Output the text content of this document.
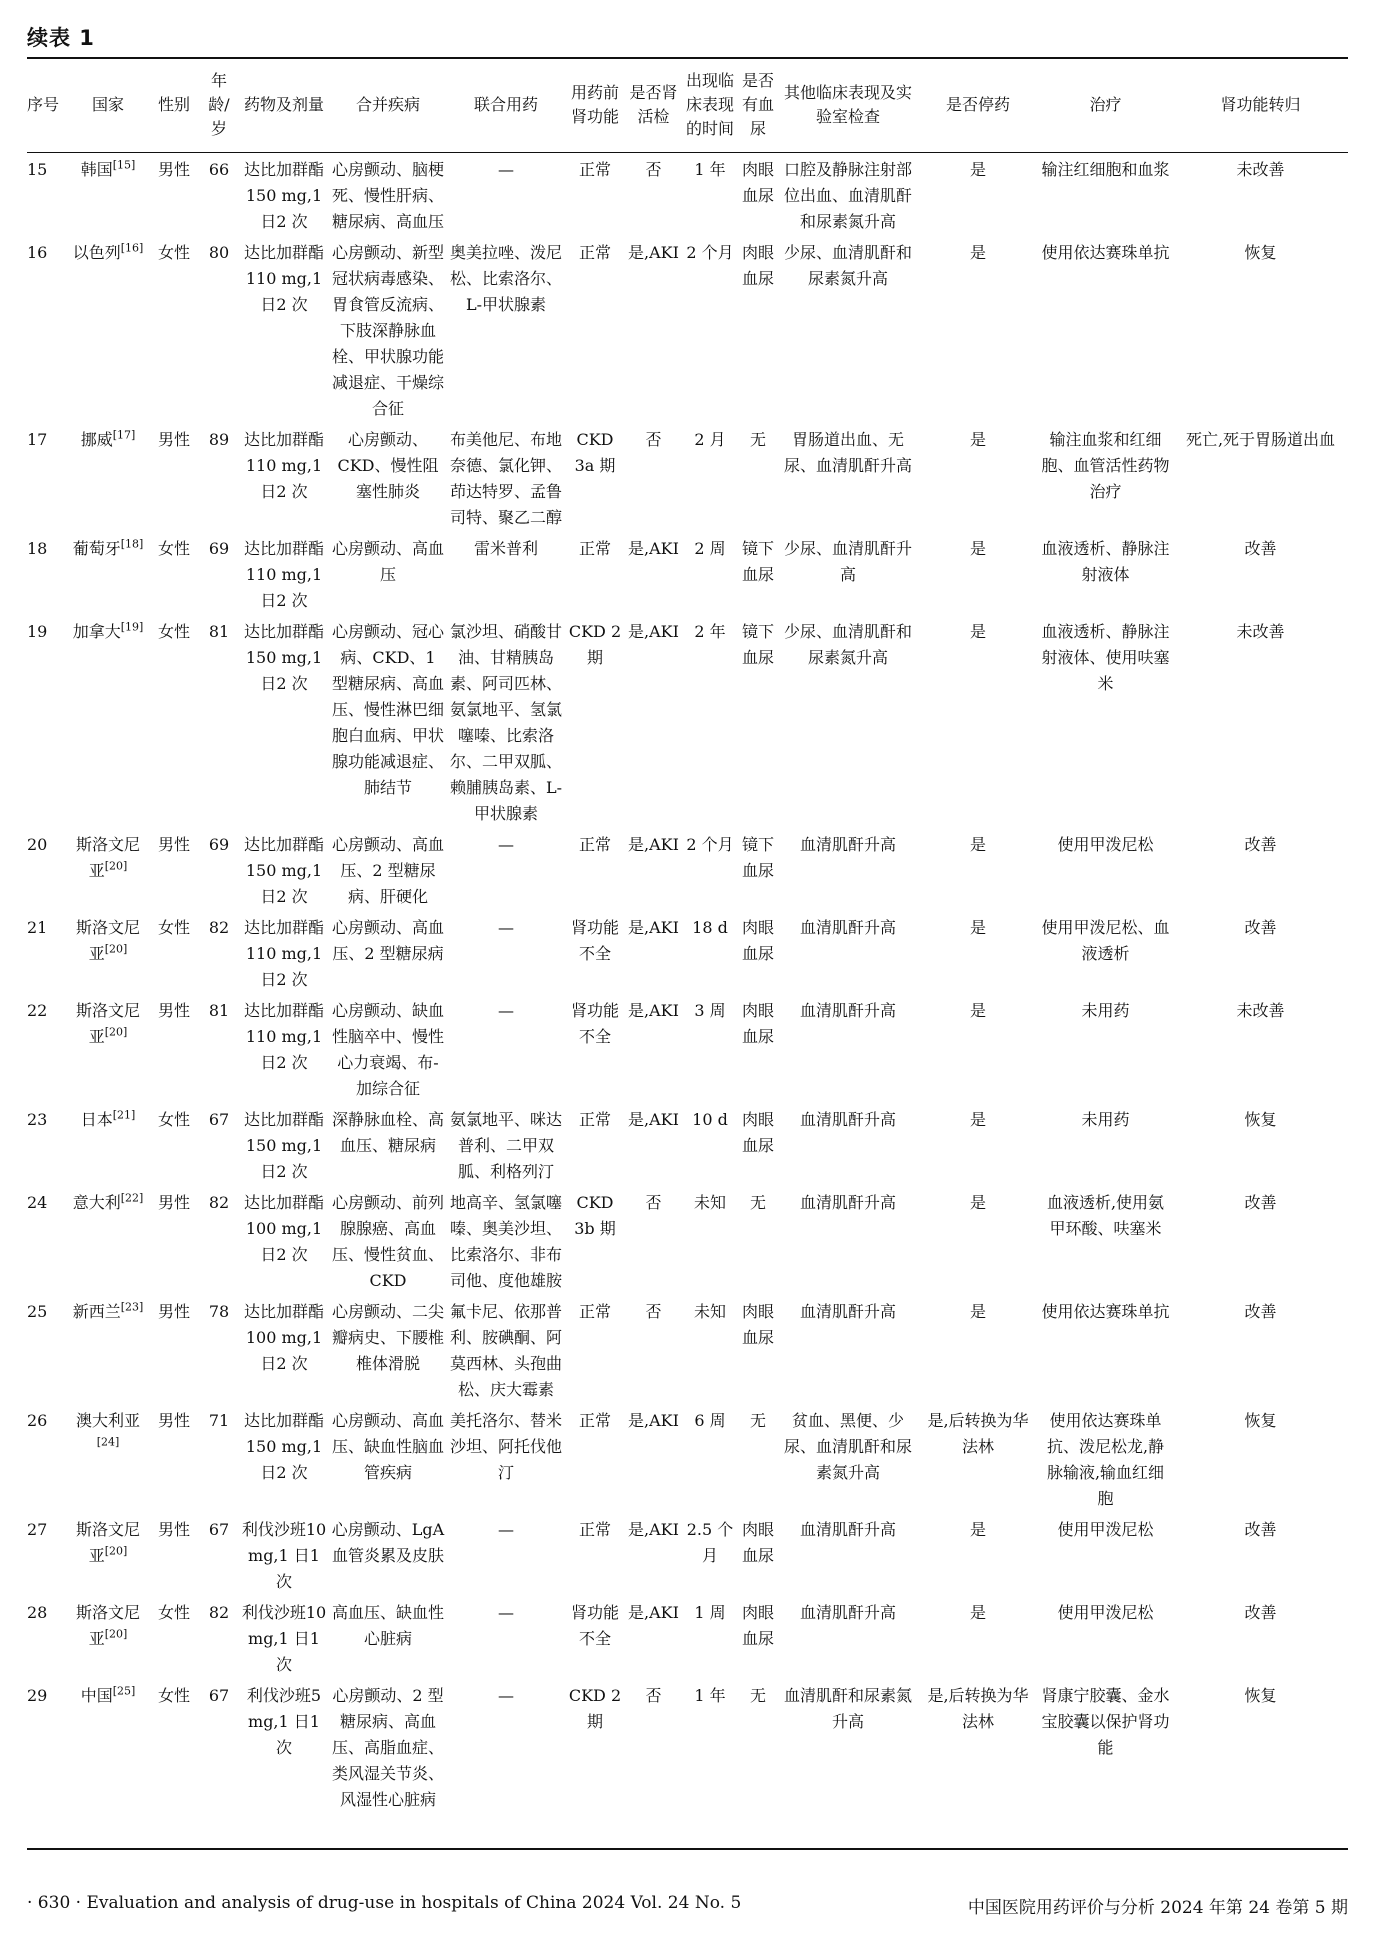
续表 1
序号	国家	性别	年龄/岁	药物及剂量	合并疾病	联合用药	用药前肾功能	是否肾活检	出现临床表现的时间	是否有血尿	其他临床表现及实验室检查	是否停药	治疗	肾功能转归
15	韩国[15]	男性	66	达比加群酯150 mg,1 日2 次	心房颤动、脑梗死、慢性肝病、糖尿病、高血压	—	正常	否	1 年	肉眼血尿	口腔及静脉注射部位出血、血清肌酐和尿素氮升高	是	输注红细胞和血浆	未改善
16	以色列[16]	女性	80	达比加群酯110 mg,1 日2 次	心房颤动、新型冠状病毒感染、胃食管反流病、下肢深静脉血栓、甲状腺功能减退症、干燥综合征	奥美拉唑、泼尼松、比索洛尔、L-甲状腺素	正常	是,AKI	2 个月	肉眼血尿	少尿、血清肌酐和尿素氮升高	是	使用依达赛珠单抗	恢复
17	挪威[17]	男性	89	达比加群酯110 mg,1 日2 次	心房颤动、CKD、慢性阻塞性肺炎	布美他尼、布地奈德、氯化钾、茚达特罗、孟鲁司特、聚乙二醇	CKD 3a 期	否	2 月	无	胃肠道出血、无尿、血清肌酐升高	是	输注血浆和红细胞、血管活性药物治疗	死亡,死于胃肠道出血
18	葡萄牙[18]	女性	69	达比加群酯110 mg,1 日2 次	心房颤动、高血压	雷米普利	正常	是,AKI	2 周	镜下血尿	少尿、血清肌酐升高	是	血液透析、静脉注射液体	改善
19	加拿大[19]	女性	81	达比加群酯150 mg,1 日2 次	心房颤动、冠心病、CKD、1 型糖尿病、高血压、慢性淋巴细胞白血病、甲状腺功能减退症、肺结节	氯沙坦、硝酸甘油、甘精胰岛素、阿司匹林、氨氯地平、氢氯噻嗪、比索洛尔、二甲双胍、赖脯胰岛素、L-甲状腺素	CKD 2 期	是,AKI	2 年	镜下血尿	少尿、血清肌酐和尿素氮升高	是	血液透析、静脉注射液体、使用呋塞米	未改善
20	斯洛文尼亚[20]	男性	69	达比加群酯150 mg,1 日2 次	心房颤动、高血压、2 型糖尿病、肝硬化	—	正常	是,AKI	2 个月	镜下血尿	血清肌酐升高	是	使用甲泼尼松	改善
21	斯洛文尼亚[20]	女性	82	达比加群酯110 mg,1 日2 次	心房颤动、高血压、2 型糖尿病	—	肾功能不全	是,AKI	18 d	肉眼血尿	血清肌酐升高	是	使用甲泼尼松、血液透析	改善
22	斯洛文尼亚[20]	男性	81	达比加群酯110 mg,1 日2 次	心房颤动、缺血性脑卒中、慢性心力衰竭、布-加综合征	—	肾功能不全	是,AKI	3 周	肉眼血尿	血清肌酐升高	是	未用药	未改善
23	日本[21]	女性	67	达比加群酯150 mg,1 日2 次	深静脉血栓、高血压、糖尿病	氨氯地平、咪达普利、二甲双胍、利格列汀	正常	是,AKI	10 d	肉眼血尿	血清肌酐升高	是	未用药	恢复
24	意大利[22]	男性	82	达比加群酯100 mg,1 日2 次	心房颤动、前列腺腺癌、高血压、慢性贫血、CKD	地高辛、氢氯噻嗪、奥美沙坦、比索洛尔、非布司他、度他雄胺	CKD 3b 期	否	未知	无	血清肌酐升高	是	血液透析,使用氨甲环酸、呋塞米	改善
25	新西兰[23]	男性	78	达比加群酯100 mg,1 日2 次	心房颤动、二尖瓣病史、下腰椎椎体滑脱	氟卡尼、依那普利、胺碘酮、阿莫西林、头孢曲松、庆大霉素	正常	否	未知	肉眼血尿	血清肌酐升高	是	使用依达赛珠单抗	改善
26	澳大利亚[24]	男性	71	达比加群酯150 mg,1 日2 次	心房颤动、高血压、缺血性脑血管疾病	美托洛尔、替米沙坦、阿托伐他汀	正常	是,AKI	6 周	无	贫血、黑便、少尿、血清肌酐和尿素氮升高	是,后转换为华法林	使用依达赛珠单抗、泼尼松龙,静脉输液,输血红细胞	恢复
27	斯洛文尼亚[20]	男性	67	利伐沙班10 mg,1 日1 次	心房颤动、LgA 血管炎累及皮肤	—	正常	是,AKI	2.5 个月	肉眼血尿	血清肌酐升高	是	使用甲泼尼松	改善
28	斯洛文尼亚[20]	女性	82	利伐沙班10 mg,1 日1 次	高血压、缺血性心脏病	—	肾功能不全	是,AKI	1 周	肉眼血尿	血清肌酐升高	是	使用甲泼尼松	改善
29	中国[25]	女性	67	利伐沙班5 mg,1 日1 次	心房颤动、2 型糖尿病、高血压、高脂血症、类风湿关节炎、风湿性心脏病	—	CKD 2 期	否	1 年	无	血清肌酐和尿素氮升高	是,后转换为华法林	肾康宁胶囊、金水宝胶囊以保护肾功能	恢复
· 630 · Evaluation and analysis of drug-use in hospitals of China 2024 Vol. 24 No. 5	中国医院用药评价与分析 2024 年第 24 卷第 5 期
